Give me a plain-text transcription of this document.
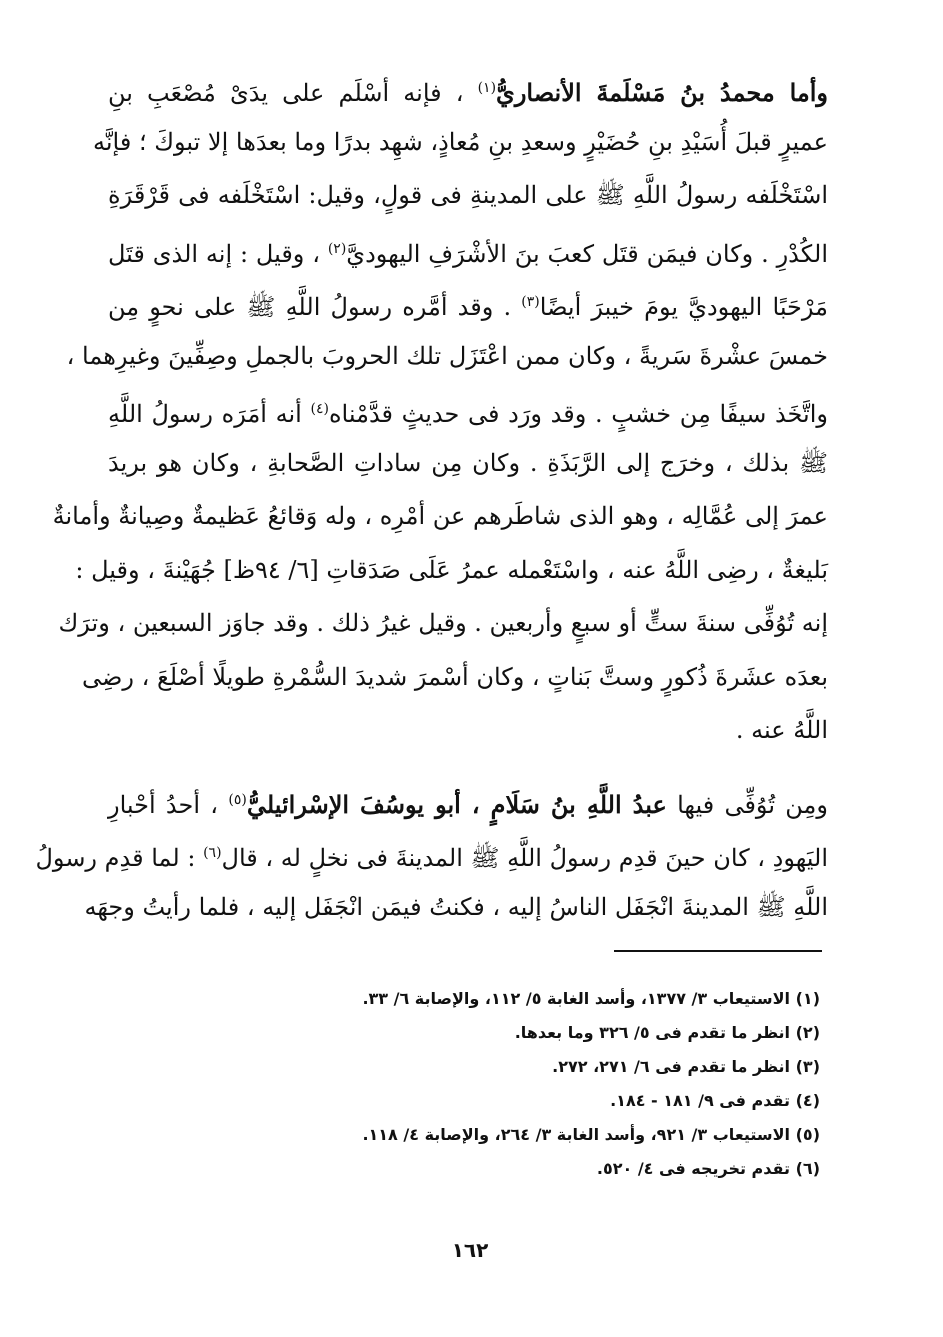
وأما محمدُ بنُ مَسْلَمةَ الأنصاريُّ$^{(١)}$ ، فإنه أسْلَم على يدَىْ مُصْعَبِ بنِ
عميرٍ قبلَ أُسَيْدِ بنِ حُضَيْرٍ وسعدِ بنِ مُعاذٍ، شهِد بدرًا وما بعدَها إلا تبوكَ ؛ فإنَّه
اسْتَخْلَفه رسولُ اللَّهِ ﷺ على المدينةِ فى قولٍ، وقيل: اسْتَخْلَفه فى قَرْقَرَةِ
الكُدْرِ . وكان فيمَن قتَل كعبَ بنَ الأشْرَفِ اليهوديَّ$^{(٢)}$ ، وقيل : إنه الذى قتَل
مَرْحَبًا اليهوديَّ يومَ خيبرَ أيضًا$^{(٣)}$ . وقد أمَّره رسولُ اللَّهِ ﷺ على نحوٍ مِن
خمسَ عشْرةَ سَريةً ، وكان ممن اعْتَزَل تلك الحروبَ بالجملِ وصِفِّينَ وغيرِهما ،
واتَّخَذ سيفًا مِن خشبٍ . وقد ورَد فى حديثٍ قدَّمْناه$^{(٤)}$ أنه أمَرَه رسولُ اللَّهِ
ﷺ بذلك ، وخرَج إلى الرَّبَذَةِ . وكان مِن ساداتِ الصَّحابةِ ، وكان هو بريدَ
عمرَ إلى عُمَّالِه ، وهو الذى شاطَرهم عن أمْرِه ، وله وَقائعُ عَظيمةٌ وصِيانةٌ وأمانةٌ
بَليغةٌ ، رضِى اللَّهُ عنه ، واسْتَعْمله عمرُ عَلَى صَدَقاتِ [٦/ ٩٤ظ] جُهَيْنةَ ، وقيل :
إنه تُوُفِّى سنةَ ستٍّ أو سبعٍ وأربعين . وقيل غيرُ ذلك . وقد جاوَز السبعين ، وترَك
بعدَه عشَرةَ ذُكورٍ وستَّ بَناتٍ ، وكان أسْمرَ شديدَ السُّمْرةِ طويلًا أصْلَعَ ، رضِى
اللَّهُ عنه .
ومِن تُوُفِّى فيها عبدُ اللَّهِ بنُ سَلَامٍ ، أبو يوسُفَ الإسْرائيليُّ$^{(٥)}$ ، أحدُ أحْبارِ
اليَهودِ ، كان حينَ قدِم رسولُ اللَّهِ ﷺ المدينةَ فى نخلٍ له ، قال$^{(٦)}$ : لما قدِم رسولُ
اللَّهِ ﷺ المدينةَ انْجَفَل الناسُ إليه ، فكنتُ فيمَن انْجَفَل إليه ، فلما رأيتُ وجهَه
(١) الاستيعاب ٣/ ١٣٧٧، وأسد الغابة ٥/ ١١٢، والإصابة ٦/ ٣٣.
(٢) انظر ما تقدم فى ٥/ ٣٢٦ وما بعدها.
(٣) انظر ما تقدم فى ٦/ ٢٧١، ٢٧٢.
(٤) تقدم فى ٩/ ١٨١ - ١٨٤.
(٥) الاستيعاب ٣/ ٩٢١، وأسد الغابة ٣/ ٢٦٤، والإصابة ٤/ ١١٨.
(٦) تقدم تخريجه فى ٤/ ٥٢٠.
١٦٢
